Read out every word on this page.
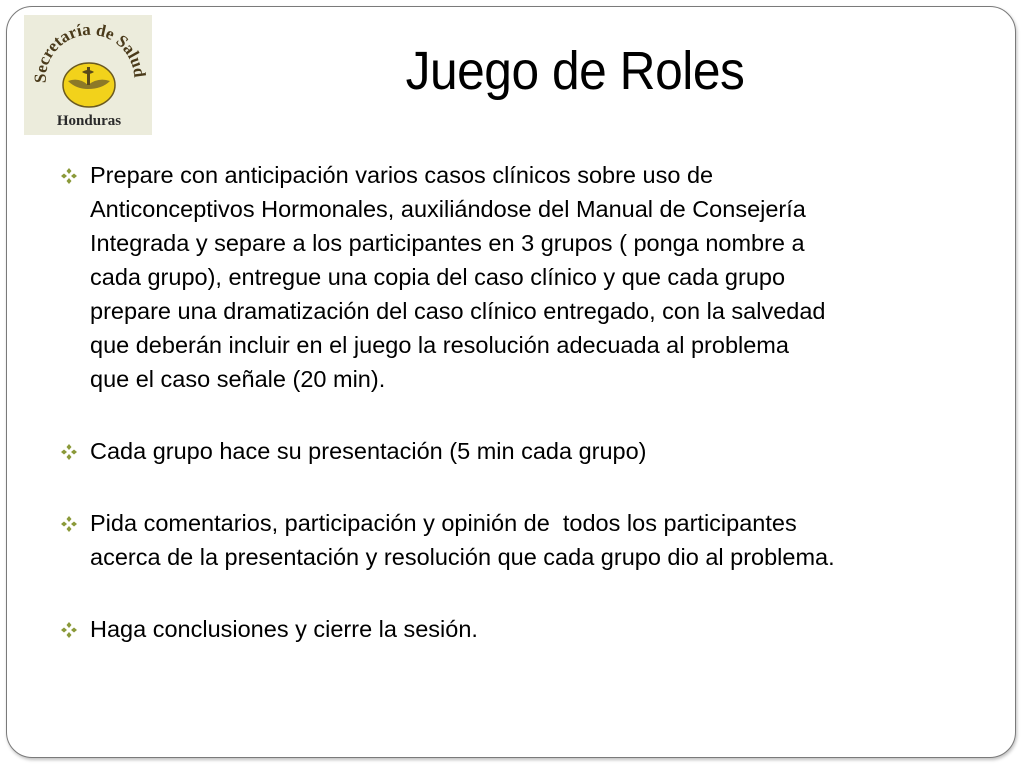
Secretaría de Salud
Honduras
Juego de Roles
Prepare con anticipación varios casos clínicos sobre uso de
Anticonceptivos Hormonales, auxiliándose del Manual de Consejería
Integrada y separe a los participantes en 3 grupos ( ponga nombre a
cada grupo), entregue una copia del caso clínico y que cada grupo
prepare una dramatización del caso clínico entregado, con la salvedad
que deberán incluir en el juego la resolución adecuada al problema
que el caso señale (20 min).
Cada grupo hace su presentación (5 min cada grupo)
Pida comentarios, participación y opinión de  todos los participantes
acerca de la presentación y resolución que cada grupo dio al problema.
Haga conclusiones y cierre la sesión.
